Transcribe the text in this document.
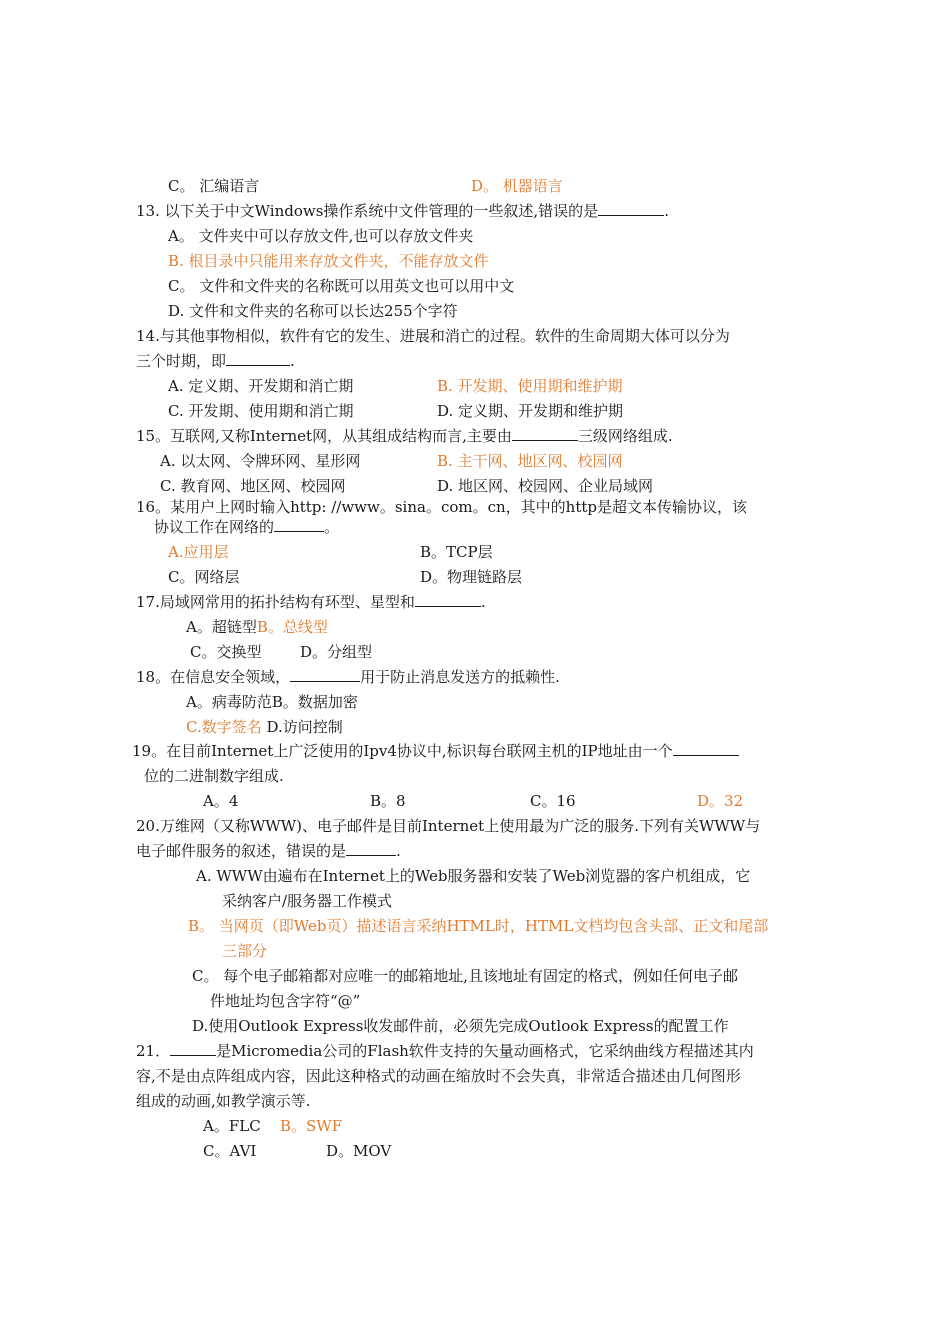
C。 汇编语言	D。 机器语言
13. 以下关于中文Windows操作系统中文件管理的一些叙述,错误的是	.
A。 文件夹中可以存放文件,也可以存放文件夹
B. 根目录中只能用来存放文件夹，不能存放文件
C。 文件和文件夹的名称既可以用英文也可以用中文
D. 文件和文件夹的名称可以长达255个字符
14.与其他事物相似，软件有它的发生、进展和消亡的过程。软件的生命周期大体可以分为
三个时期，即	.
A. 定义期、开发期和消亡期	B. 开发期、使用期和维护期
C. 开发期、使用期和消亡期	D. 定义期、开发期和维护期
15。互联网,又称Internet网，从其组成结构而言,主要由	三级网络组成.
A. 以太网、令牌环网、星形网	B. 主干网、地区网、校园网
C. 教育网、地区网、校园网	D. 地区网、校园网、企业局域网
16。某用户上网时输入http: //www。sina。com。cn，其中的http是超文本传输协议，该
协议工作在网络的	。
A.应用层	B。TCP层
C。网络层	D。物理链路层
17.局域网常用的拓扑结构有环型、星型和	.
A。超链型B。总线型
C。交换型	D。分组型
18。在信息安全领域，	用于防止消息发送方的抵赖性.
A。病毒防范B。数据加密
C.数字签名 D.访问控制
19。在目前Internet上广泛使用的Ipv4协议中,标识每台联网主机的IP地址由一个
位的二进制数字组成.
A。4	B。8	C。16	D。32
20.万维网（又称WWW)、电子邮件是目前Internet上使用最为广泛的服务.下列有关WWW与
电子邮件服务的叙述，错误的是	.
A. WWW由遍布在Internet上的Web服务器和安装了Web浏览器的客户机组成，它
采纳客户/服务器工作模式
B。 当网页（即Web页）描述语言采纳HTML时，HTML文档均包含头部、正文和尾部
三部分
C。 每个电子邮箱都对应唯一的邮箱地址,且该地址有固定的格式，例如任何电子邮
件地址均包含字符“@”
D.使用Outlook Express收发邮件前，必须先完成Outlook Express的配置工作
21．	是Micromedia公司的Flash软件支持的矢量动画格式，它采纳曲线方程描述其内
容,不是由点阵组成内容，因此这种格式的动画在缩放时不会失真，非常适合描述由几何图形
组成的动画,如教学演示等.
A。FLC B。SWF
C。AVI	D。MOV
